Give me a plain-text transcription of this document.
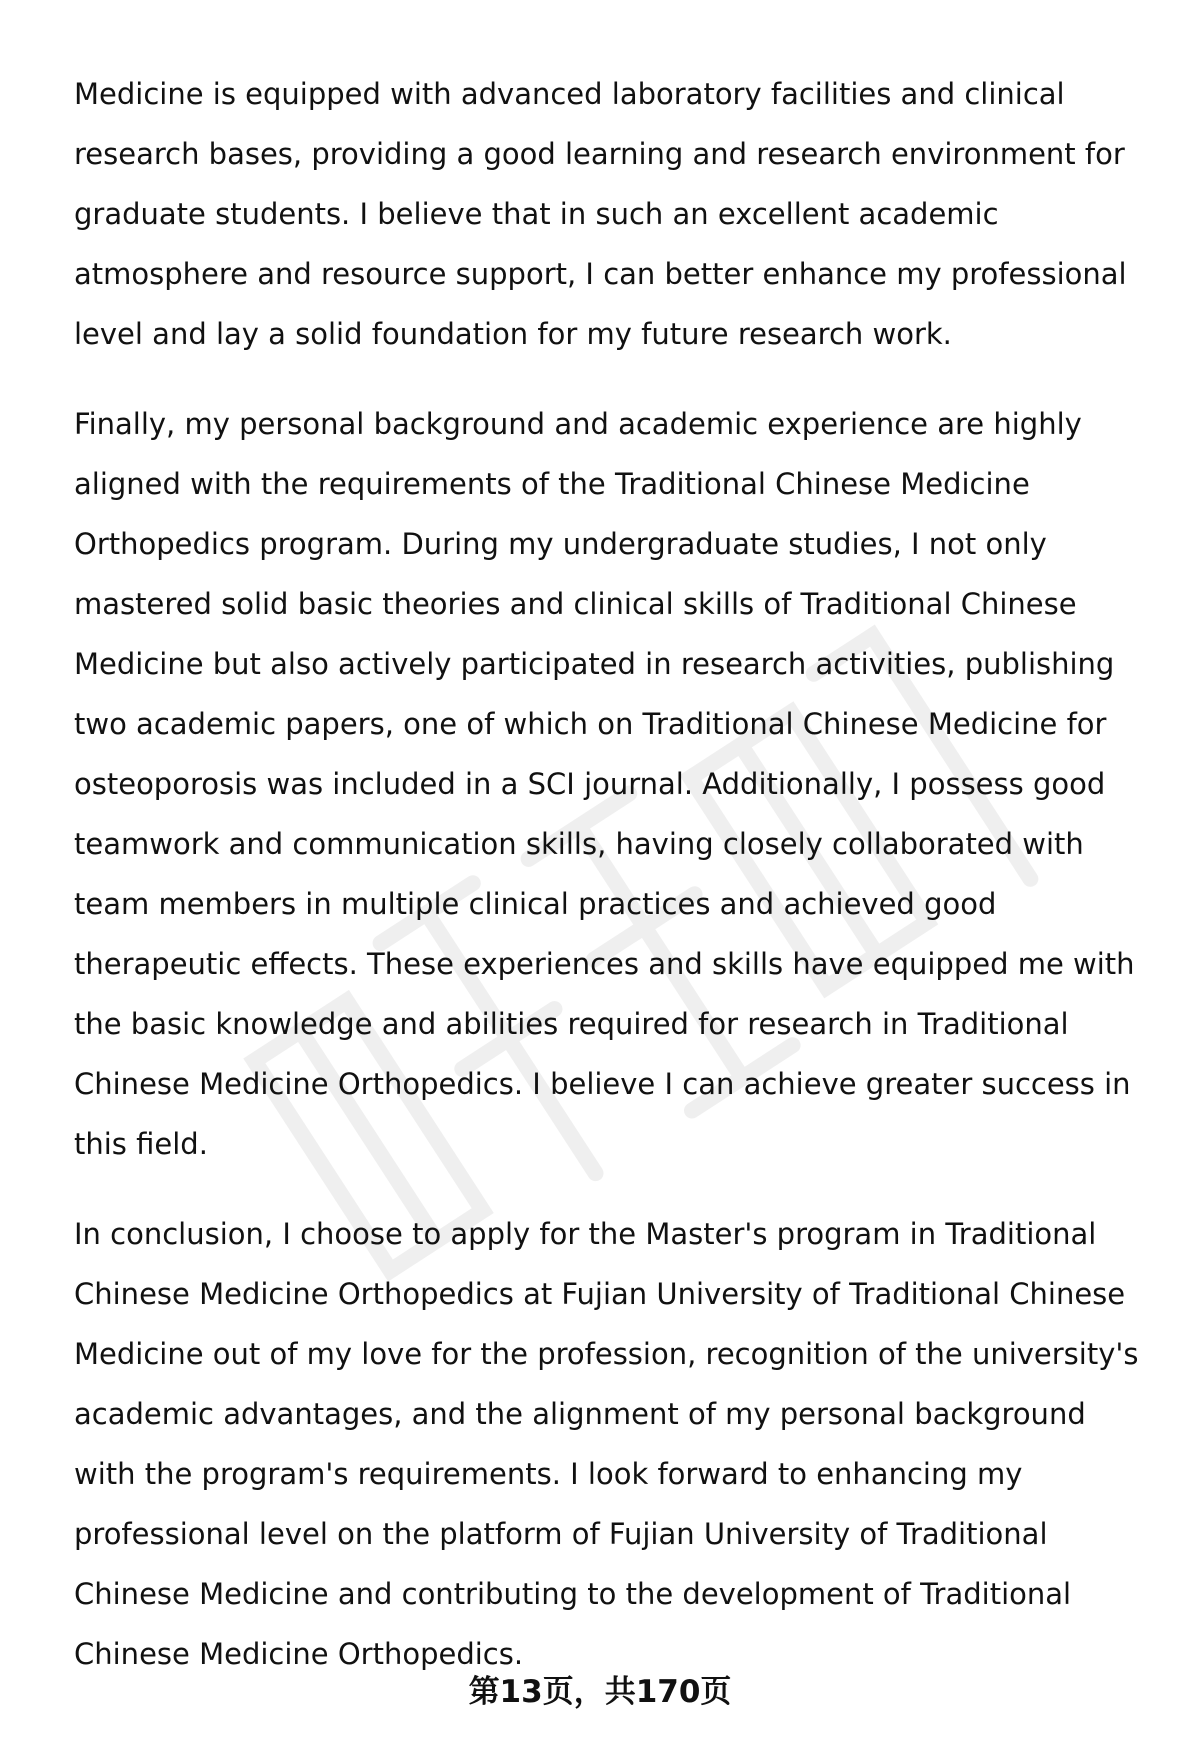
Medicine is equipped with advanced laboratory facilities and clinical research bases, providing a good learning and research environment for graduate students. I believe that in such an excellent academic atmosphere and resource support, I can better enhance my professional level and lay a solid foundation for my future research work.

Finally, my personal background and academic experience are highly aligned with the requirements of the Traditional Chinese Medicine Orthopedics program. During my undergraduate studies, I not only mastered solid basic theories and clinical skills of Traditional Chinese Medicine but also actively participated in research activities, publishing two academic papers, one of which on Traditional Chinese Medicine for osteoporosis was included in a SCI journal. Additionally, I possess good teamwork and communication skills, having closely collaborated with team members in multiple clinical practices and achieved good therapeutic effects. These experiences and skills have equipped me with the basic knowledge and abilities required for research in Traditional Chinese Medicine Orthopedics. I believe I can achieve greater success in this field.

In conclusion, I choose to apply for the Master's program in Traditional Chinese Medicine Orthopedics at Fujian University of Traditional Chinese Medicine out of my love for the profession, recognition of the university's academic advantages, and the alignment of my personal background with the program's requirements. I look forward to enhancing my professional level on the platform of Fujian University of Traditional Chinese Medicine and contributing to the development of Traditional Chinese Medicine Orthopedics.

第13页，共170页
